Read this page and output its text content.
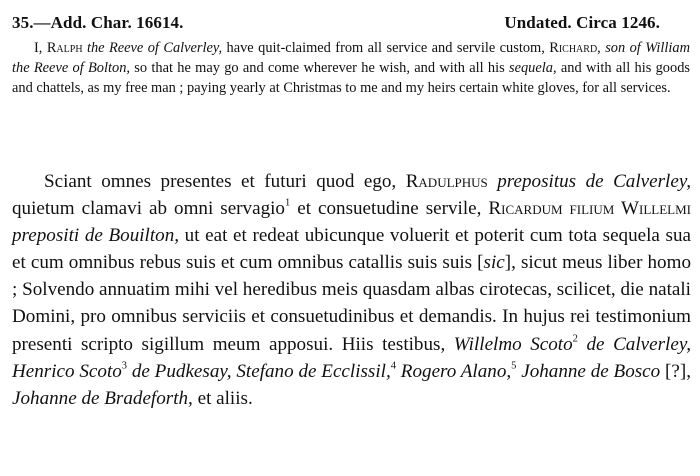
35.—Add. Char. 16614.	Undated. Circa 1246.

I, Ralph the Reeve of Calverley, have quit-claimed from all service and servile custom, Richard, son of William the Reeve of Bolton, so that he may go and come wherever he wish, and with all his sequela, and with all his goods and chattels, as my free man ; paying yearly at Christmas to me and my heirs certain white gloves, for all services.

Sciant omnes presentes et futuri quod ego, Radulphus prepositus de Calverley, quietum clamavi ab omni servagio$^1$ et consuetudine servile, Ricardum filium Willelmi prepositi de Bouilton, ut eat et redeat ubicunque voluerit et poterit cum tota sequela sua et cum omnibus rebus suis et cum omnibus catallis suis suis [sic], sicut meus liber homo ; Solvendo annuatim mihi vel heredibus meis quasdam albas cirotecas, scilicet, die natali Domini, pro omnibus serviciis et consuetudinibus et demandis. In hujus rei testimonium presenti scripto sigillum meum apposui. Hiis testibus, Willelmo Scoto$^2$ de Calverley, Henrico Scoto$^3$ de Pudkesay, Stefano de Ecclissil,$^4$ Rogero Alano,$^5$ Johanne de Bosco [?], Johanne de Bradeforth, et aliis.
